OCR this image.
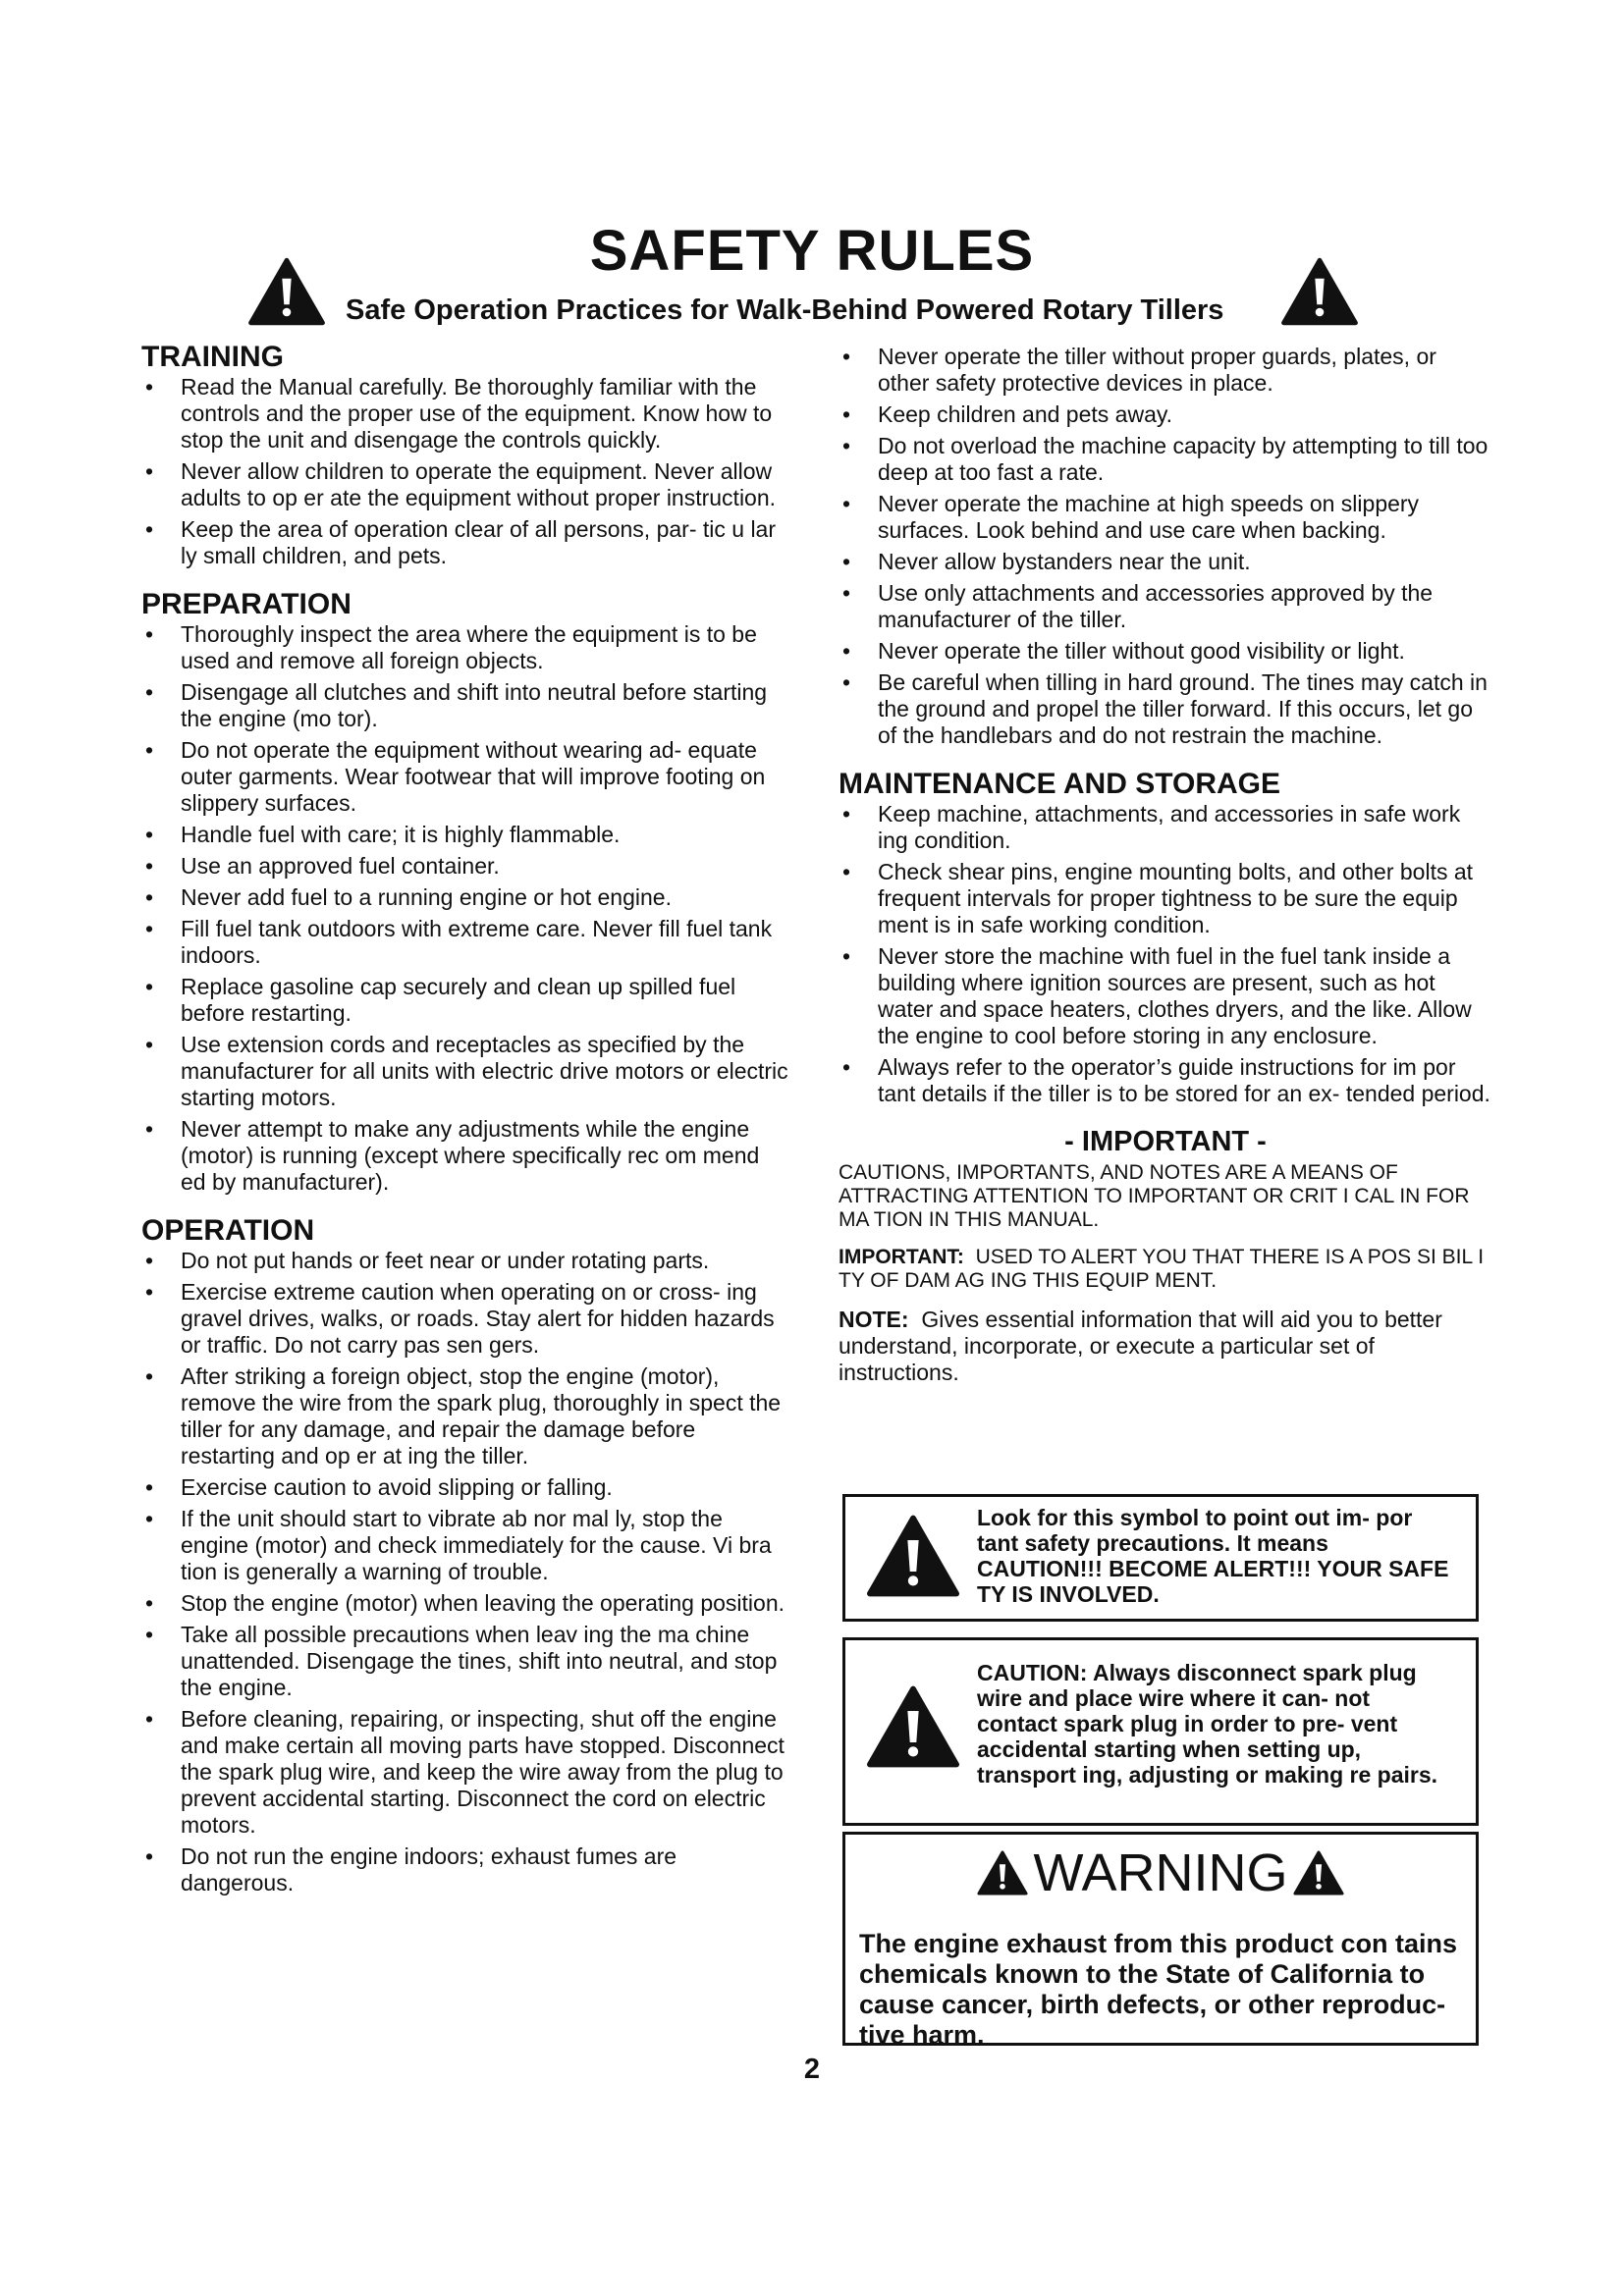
SAFETY RULES
Safe Operation Practices for Walk-Behind Powered Rotary Tillers
TRAINING
• Read the Manual carefully. Be thoroughly familiar with the controls and the proper use of the equipment. Know how to stop the unit and disengage the controls quickly.
• Never allow children to operate the equipment. Never allow adults to op er ate the equipment without proper instruction.
• Keep the area of operation clear of all persons, par- tic u lar ly small children, and pets.
PREPARATION
• Thoroughly inspect the area where the equipment is to be used and remove all foreign objects.
• Disengage all clutches and shift into neutral before starting the engine (mo tor).
• Do not operate the equipment without wearing ad- equate outer garments. Wear footwear that will improve footing on slippery surfaces.
• Handle fuel with care; it is highly flammable.
• Use an approved fuel container.
• Never add fuel to a running engine or hot engine.
• Fill fuel tank outdoors with extreme care. Never fill fuel tank indoors.
• Replace gasoline cap securely and clean up spilled fuel before restarting.
• Use extension cords and receptacles as specified by the manufacturer for all units with electric drive motors or electric starting motors.
• Never attempt to make any adjustments while the engine (motor) is running (except where specifically rec om mend ed by manufacturer).
OPERATION
• Do not put hands or feet near or under rotating parts.
• Exercise extreme caution when operating on or cross- ing gravel drives, walks, or roads. Stay alert for hidden hazards or traffic. Do not carry pas sen gers.
• After striking a foreign object, stop the engine (motor), remove the wire from the spark plug, thoroughly in spect the tiller for any damage, and repair the damage before restarting and op er at ing the tiller.
• Exercise caution to avoid slipping or falling.
• If the unit should start to vibrate ab nor mal ly, stop the engine (motor) and check immediately for the cause. Vi bra tion is generally a warning of trouble.
• Stop the engine (motor) when leaving the operating position.
• Take all possible precautions when leav ing the ma chine unattended. Disengage the tines, shift into neutral, and stop the engine.
• Before cleaning, repairing, or inspecting, shut off the engine and make certain all moving parts have stopped. Disconnect the spark plug wire, and keep the wire away from the plug to prevent accidental starting. Disconnect the cord on electric motors.
• Do not run the engine indoors; exhaust fumes are dangerous.
• Never operate the tiller without proper guards, plates, or other safety protective devices in place.
• Keep children and pets away.
• Do not overload the machine capacity by attempting to till too deep at too fast a rate.
• Never operate the machine at high speeds on slippery surfaces. Look behind and use care when backing.
• Never allow bystanders near the unit.
• Use only attachments and accessories approved by the manufacturer of the tiller.
• Never operate the tiller without good visibility or light.
• Be careful when tilling in hard ground. The tines may catch in the ground and propel the tiller forward. If this occurs, let go of the handlebars and do not restrain the machine.
MAINTENANCE AND STORAGE
• Keep machine, attachments, and accessories in safe work ing condition.
• Check shear pins, engine mounting bolts, and other bolts at frequent intervals for proper tightness to be sure the equip ment is in safe working condition.
• Never store the machine with fuel in the fuel tank inside a building where ignition sources are present, such as hot water and space heaters, clothes dryers, and the like. Allow the engine to cool before storing in any enclosure.
• Always refer to the operator’s guide instructions for im por tant details if the tiller is to be stored for an ex- tended period.
- IMPORTANT -

CAUTIONS, IMPORTANTS, AND NOTES ARE A MEANS OF ATTRACTING ATTENTION TO IMPORTANT OR CRIT I CAL IN FOR MA TION IN THIS MANUAL.

IMPORTANT: USED TO ALERT YOU THAT THERE IS A POS SI BIL I TY OF DAM AG ING THIS EQUIP MENT.

NOTE: Gives essential information that will aid you to better understand, incorporate, or execute a particular set of instructions.

Look for this symbol to point out im- por tant safety precautions. It means CAUTION!!! BECOME ALERT!!! YOUR SAFE TY IS INVOLVED.
CAUTION: Always disconnect spark plug wire and place wire where it can- not contact spark plug in order to pre- vent accidental starting when setting up, transport ing, adjusting or making re pairs.
WARNING
The engine exhaust from this product con tains chemicals known to the State of California to cause cancer, birth defects, or other reproduc- tive harm.
2
